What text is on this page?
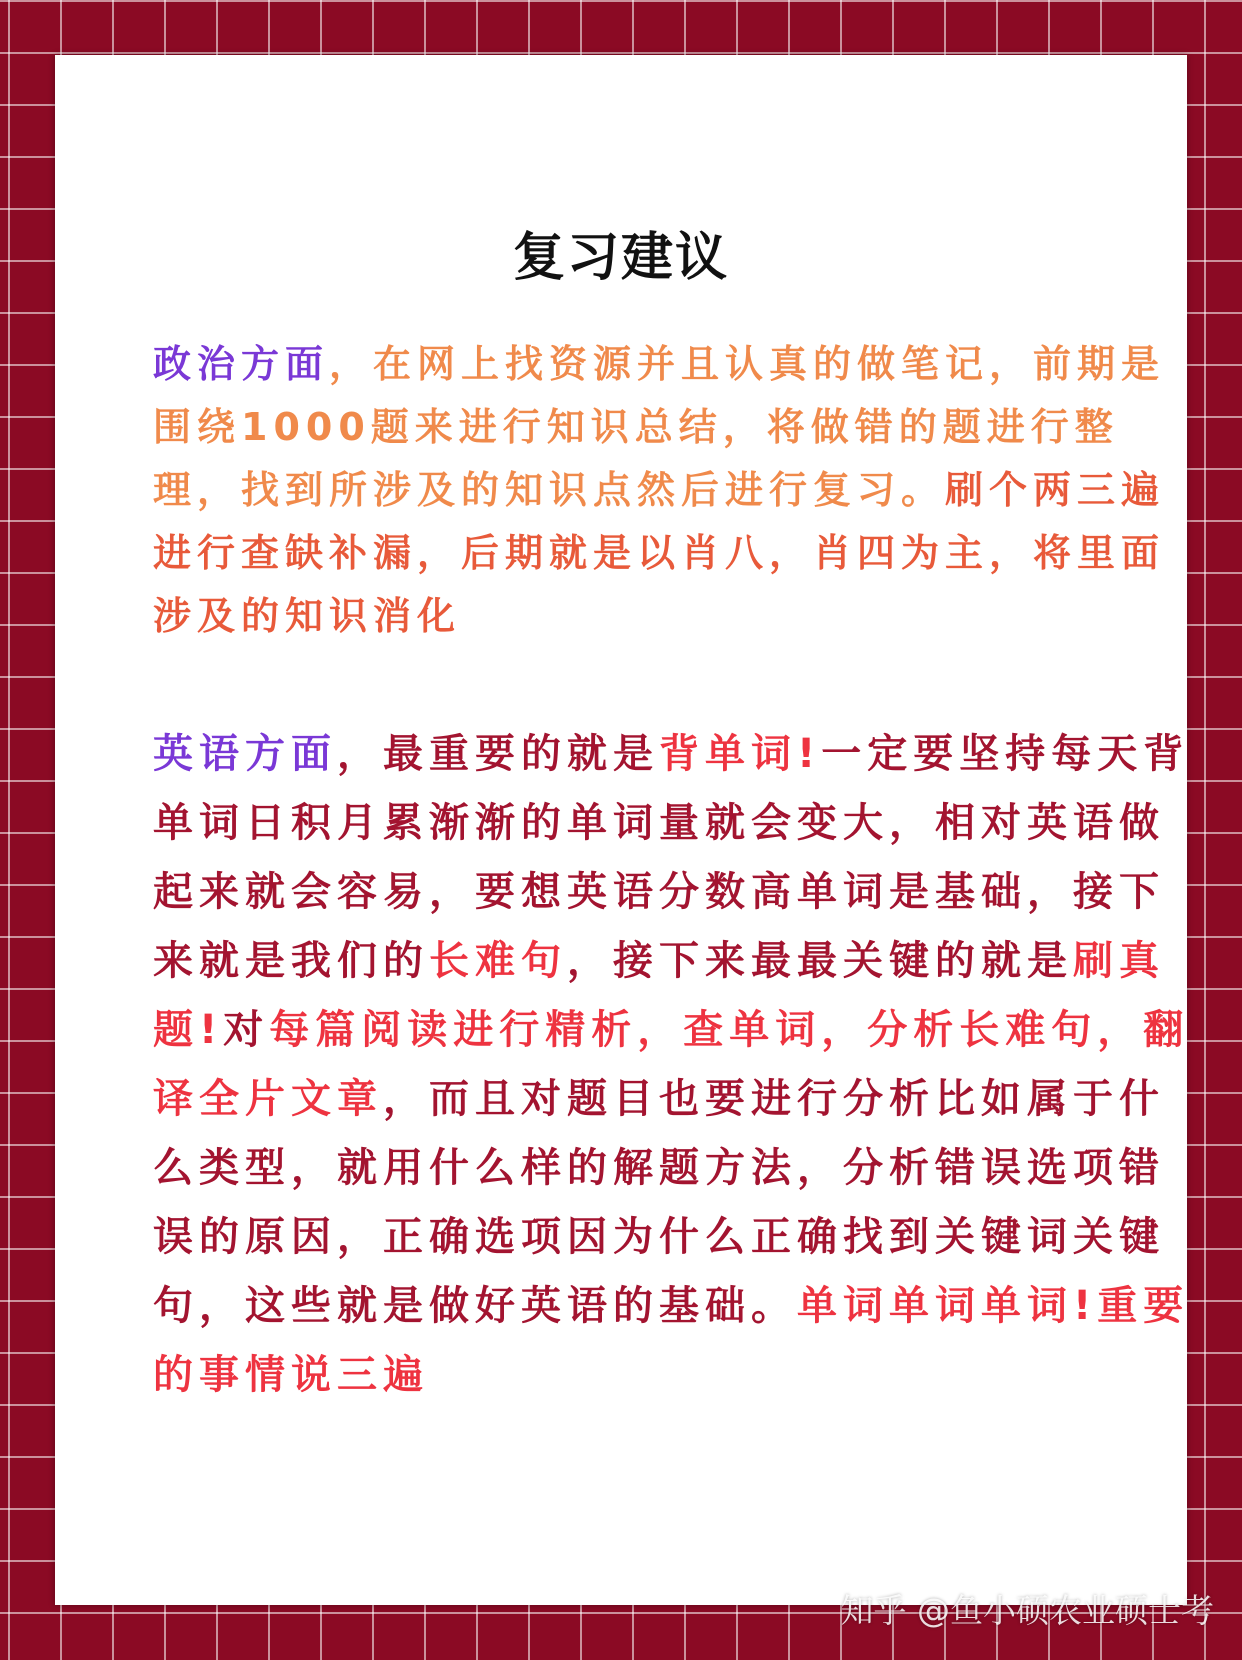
复习建议

政治方面，在网上找资源并且认真的做笔记，前期是围绕1000题来进行知识总结，将做错的题进行整理，找到所涉及的知识点然后进行复习。刷个两三遍进行查缺补漏，后期就是以肖八，肖四为主，将里面涉及的知识消化

英语方面，最重要的就是背单词!一定要坚持每天背单词日积月累渐渐的单词量就会变大，相对英语做起来就会容易，要想英语分数高单词是基础，接下来就是我们的长难句，接下来最最关键的就是刷真题!对每篇阅读进行精析，查单词，分析长难句，翻译全片文章，而且对题目也要进行分析比如属于什么类型，就用什么样的解题方法，分析错误选项错误的原因，正确选项因为什么正确找到关键词关键句，这些就是做好英语的基础。单词单词单词!重要的事情说三遍

知乎 @鱼小硕农业硕士考
